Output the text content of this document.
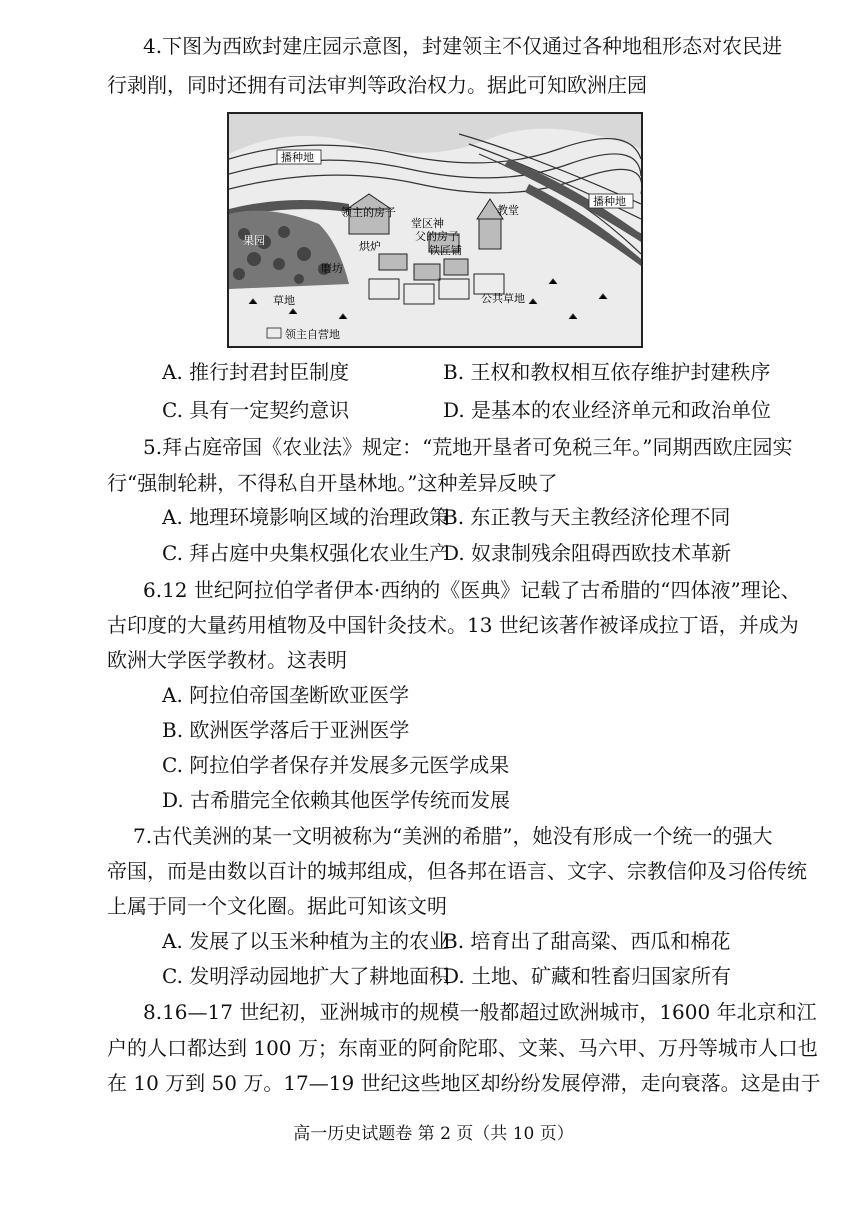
4.下图为西欧封建庄园示意图，封建领主不仅通过各种地租形态对农民进
行剥削，同时还拥有司法审判等政治权力。据此可知欧洲庄园
播种地
播种地
领主的房子	教堂
堂区神
父的房子
果园	烘炉	铁匠铺
磨坊
草地	公共草地
领主自营地
A. 推行封君封臣制度	B. 王权和教权相互依存维护封建秩序
C. 具有一定契约意识	D. 是基本的农业经济单元和政治单位
5.拜占庭帝国《农业法》规定：“荒地开垦者可免税三年。”同期西欧庄园实
行“强制轮耕，不得私自开垦林地。”这种差异反映了
A. 地理环境影响区域的治理政策
B. 东正教与天主教经济伦理不同
C. 拜占庭中央集权强化农业生产
D. 奴隶制残余阻碍西欧技术革新
6.12 世纪阿拉伯学者伊本·西纳的《医典》记载了古希腊的“四体液”理论、
古印度的大量药用植物及中国针灸技术。13 世纪该著作被译成拉丁语，并成为
欧洲大学医学教材。这表明
A. 阿拉伯帝国垄断欧亚医学
B. 欧洲医学落后于亚洲医学
C. 阿拉伯学者保存并发展多元医学成果
D. 古希腊完全依赖其他医学传统而发展
7.古代美洲的某一文明被称为“美洲的希腊”，她没有形成一个统一的强大
帝国，而是由数以百计的城邦组成，但各邦在语言、文字、宗教信仰及习俗传统
上属于同一个文化圈。据此可知该文明
A. 发展了以玉米种植为主的农业
B. 培育出了甜高粱、西瓜和棉花
C. 发明浮动园地扩大了耕地面积
D. 土地、矿藏和牲畜归国家所有
8.16—17 世纪初，亚洲城市的规模一般都超过欧洲城市，1600 年北京和江
户的人口都达到 100 万；东南亚的阿俞陀耶、文莱、马六甲、万丹等城市人口也
在 10 万到 50 万。17—19 世纪这些地区却纷纷发展停滞，走向衰落。这是由于
高一历史试题卷 第 2 页（共 10 页）
